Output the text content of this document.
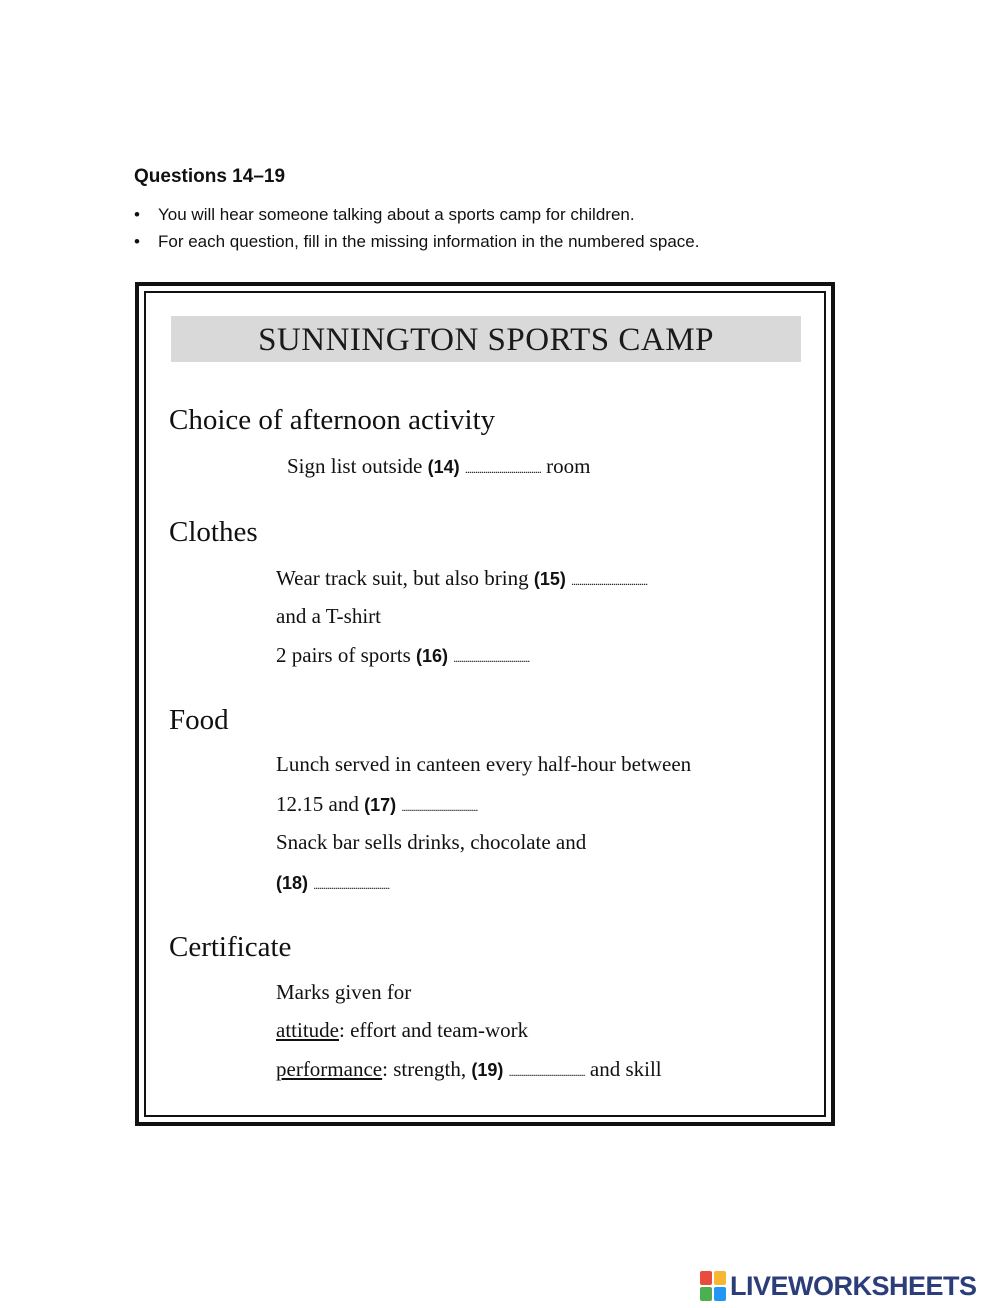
Questions 14–19
• You will hear someone talking about a sports camp for children.
• For each question, fill in the missing information in the numbered space.
SUNNINGTON SPORTS CAMP
Choice of afternoon activity
Sign list outside (14) ...................................... room
Clothes
Wear track suit, but also bring (15) ......................................
and a T-shirt
2 pairs of sports (16) ......................................
Food
Lunch served in canteen every half-hour between
12.15 and (17) ......................................
Snack bar sells drinks, chocolate and
(18) ......................................
Certificate
Marks given for
attitude: effort and team-work
performance: strength, (19) ...................................... and skill
LIVEWORKSHEETS
